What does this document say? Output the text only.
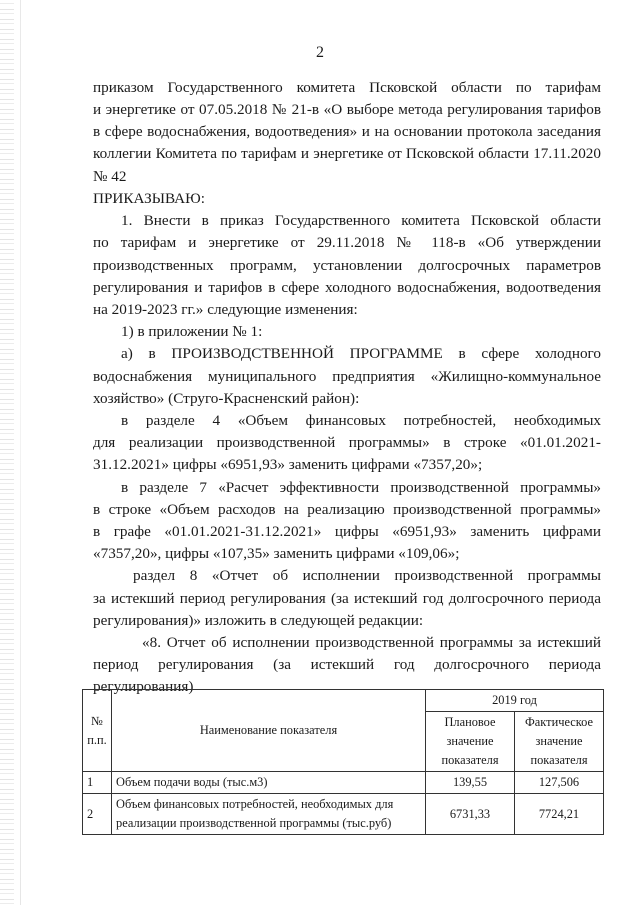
2
приказом Государственного комитета Псковской области по тарифам
и энергетике от 07.05.2018 № 21-в «О выборе метода регулирования тарифов
в сфере водоснабжения, водоотведения» и на основании протокола заседания
коллегии Комитета по тарифам и энергетике от Псковской области 17.11.2020
№ 42
ПРИКАЗЫВАЮ:
1. Внести в приказ Государственного комитета Псковской области
по тарифам и энергетике от 29.11.2018 № 118-в «Об утверждении
производственных программ, установлении долгосрочных параметров
регулирования и тарифов в сфере холодного водоснабжения, водоотведения
на 2019-2023 гг.» следующие изменения:
1) в приложении № 1:
а) в ПРОИЗВОДСТВЕННОЙ ПРОГРАММЕ в сфере холодного
водоснабжения муниципального предприятия «Жилищно-коммунальное
хозяйство» (Струго-Красненский район):
в разделе 4 «Объем финансовых потребностей, необходимых
для реализации производственной программы» в строке «01.01.2021-
31.12.2021» цифры «6951,93» заменить цифрами «7357,20»;
в разделе 7 «Расчет эффективности производственной программы»
в строке «Объем расходов на реализацию производственной программы»
в графе «01.01.2021-31.12.2021» цифры «6951,93» заменить цифрами
«7357,20», цифры «107,35» заменить цифрами «109,06»;
раздел 8 «Отчет об исполнении производственной программы
за истекший период регулирования (за истекший год долгосрочного периода
регулирования)» изложить в следующей редакции:
«8. Отчет об исполнении производственной программы за истекший
период регулирования (за истекший год долгосрочного периода
регулирования)
№ п.п.	Наименование показателя	2019 год	
		Плановое значение показателя	Фактическое значение показателя
1	Объем подачи воды (тыс.м3)	139,55	127,506
2	Объем финансовых потребностей, необходимых для реализации производственной программы (тыс.руб)	6731,33	7724,21
